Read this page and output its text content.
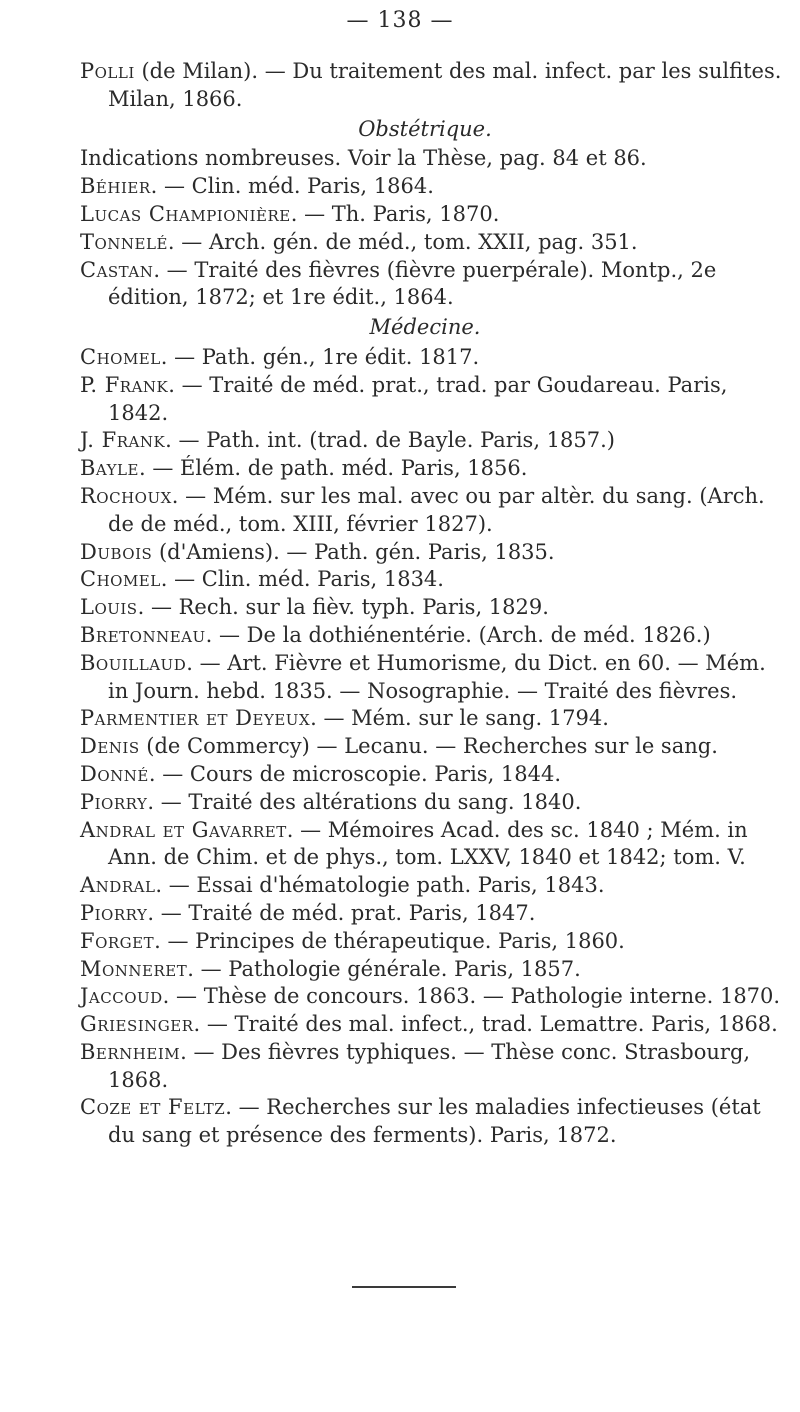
— 138 —

Polli (de Milan). — Du traitement des mal. infect. par les sulfites. Milan, 1866.

Obstétrique.

Indications nombreuses. Voir la Thèse, pag. 84 et 86.

Béhier. — Clin. méd. Paris, 1864.

Lucas Championière. — Th. Paris, 1870.

Tonnelé. — Arch. gén. de méd., tom. XXII, pag. 351.

Castan. — Traité des fièvres (fièvre puerpérale). Montp., 2e édition, 1872; et 1re édit., 1864.

Médecine.

Chomel. — Path. gén., 1re édit. 1817.

P. Frank. — Traité de méd. prat., trad. par Goudareau. Paris, 1842.

J. Frank. — Path. int. (trad. de Bayle. Paris, 1857.)

Bayle. — Élém. de path. méd. Paris, 1856.

Rochoux. — Mém. sur les mal. avec ou par altèr. du sang. (Arch. de de méd., tom. XIII, février 1827).

Dubois (d'Amiens). — Path. gén. Paris, 1835.

Chomel. — Clin. méd. Paris, 1834.

Louis. — Rech. sur la fièv. typh. Paris, 1829.

Bretonneau. — De la dothiénentérie. (Arch. de méd. 1826.)

Bouillaud. — Art. Fièvre et Humorisme, du Dict. en 60. — Mém. in Journ. hebd. 1835. — Nosographie. — Traité des fièvres.

Parmentier et Deyeux. — Mém. sur le sang. 1794.

Denis (de Commercy) — Lecanu. — Recherches sur le sang.

Donné. — Cours de microscopie. Paris, 1844.

Piorry. — Traité des altérations du sang. 1840.

Andral et Gavarret. — Mémoires Acad. des sc. 1840 ; Mém. in Ann. de Chim. et de phys., tom. LXXV, 1840 et 1842; tom. V.

Andral. — Essai d'hématologie path. Paris, 1843.

Piorry. — Traité de méd. prat. Paris, 1847.

Forget. — Principes de thérapeutique. Paris, 1860.

Monneret. — Pathologie générale. Paris, 1857.

Jaccoud. — Thèse de concours. 1863. — Pathologie interne. 1870.

Griesinger. — Traité des mal. infect., trad. Lemattre. Paris, 1868.

Bernheim. — Des fièvres typhiques. — Thèse conc. Strasbourg, 1868.

Coze et Feltz. — Recherches sur les maladies infectieuses (état du sang et présence des ferments). Paris, 1872.
